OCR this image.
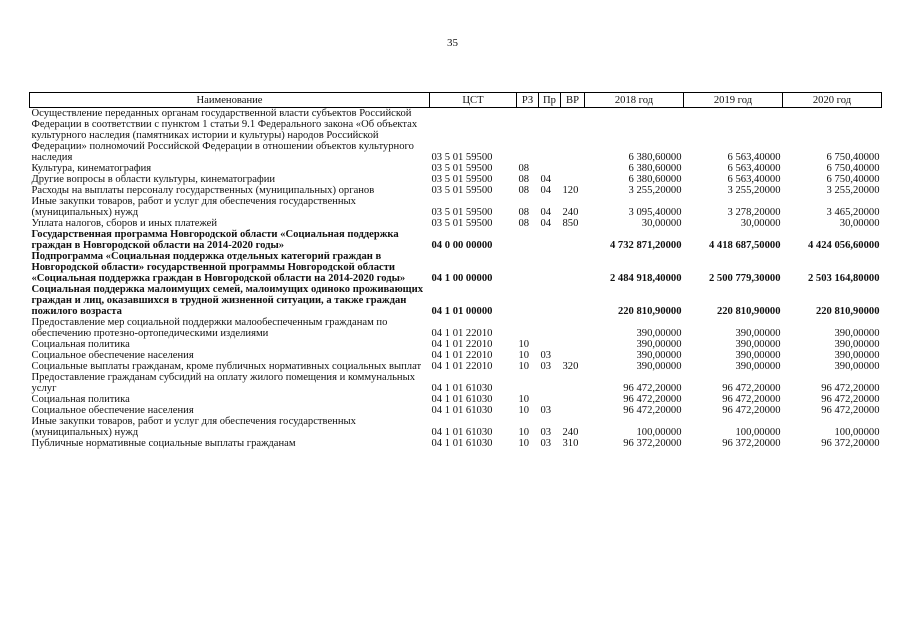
35
Наименование	ЦСТ	РЗ	Пр	ВР	2018 год	2019 год	2020 год
Осуществление переданных органам государственной власти субъектов Российской Федерации в соответствии с пунктом 1 статьи 9.1 Федерального закона «Об объектах культурного наследия (памятниках истории и культуры) народов Российской Федерации» полномочий Российской Федерации в отношении объектов культурного наследия	03 5 01 59500				6 380,60000	6 563,40000	6 750,40000
Культура, кинематография	03 5 01 59500	08			6 380,60000	6 563,40000	6 750,40000
Другие вопросы в области культуры, кинематографии	03 5 01 59500	08	04		6 380,60000	6 563,40000	6 750,40000
Расходы на выплаты персоналу государственных (муниципальных) органов	03 5 01 59500	08	04	120	3 255,20000	3 255,20000	3 255,20000
Иные закупки товаров, работ и услуг для обеспечения государственных (муниципальных) нужд	03 5 01 59500	08	04	240	3 095,40000	3 278,20000	3 465,20000
Уплата налогов, сборов и иных платежей	03 5 01 59500	08	04	850	30,00000	30,00000	30,00000
Государственная программа Новгородской области «Социальная поддержка граждан в Новгородской области на 2014-2020 годы»	04 0 00 00000				4 732 871,20000	4 418 687,50000	4 424 056,60000
Подпрограмма «Социальная поддержка отдельных категорий граждан в Новгородской области» государственной программы Новгородской области «Социальная поддержка граждан в Новгородской области на 2014-2020 годы»	04 1 00 00000				2 484 918,40000	2 500 779,30000	2 503 164,80000
Социальная поддержка малоимущих семей, малоимущих одиноко проживающих граждан и лиц, оказавшихся в трудной жизненной ситуации, а также граждан пожилого возраста	04 1 01 00000				220 810,90000	220 810,90000	220 810,90000
Предоставление мер социальной поддержки малообеспеченным гражданам по обеспечению протезно-ортопедическими изделиями	04 1 01 22010				390,00000	390,00000	390,00000
Социальная политика	04 1 01 22010	10			390,00000	390,00000	390,00000
Социальное обеспечение населения	04 1 01 22010	10	03		390,00000	390,00000	390,00000
Социальные выплаты гражданам, кроме публичных нормативных социальных выплат	04 1 01 22010	10	03	320	390,00000	390,00000	390,00000
Предоставление гражданам субсидий на оплату жилого помещения и коммунальных услуг	04 1 01 61030				96 472,20000	96 472,20000	96 472,20000
Социальная политика	04 1 01 61030	10			96 472,20000	96 472,20000	96 472,20000
Социальное обеспечение населения	04 1 01 61030	10	03		96 472,20000	96 472,20000	96 472,20000
Иные закупки товаров, работ и услуг для обеспечения государственных (муниципальных) нужд	04 1 01 61030	10	03	240	100,00000	100,00000	100,00000
Публичные нормативные социальные выплаты гражданам	04 1 01 61030	10	03	310	96 372,20000	96 372,20000	96 372,20000
